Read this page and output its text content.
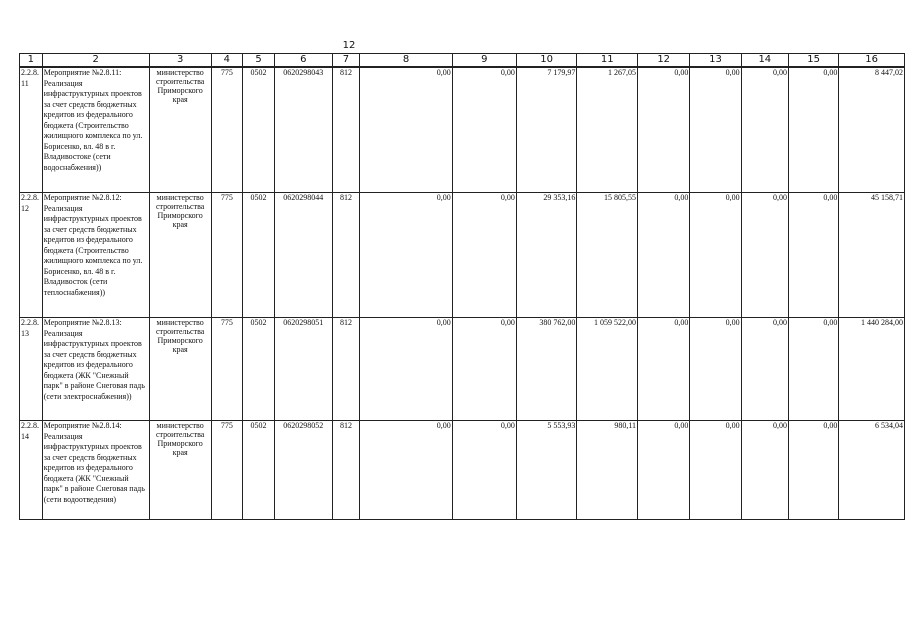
12
1	2	3	4	5	6	7	8	9	10	11	12	13	14	15	16
2.2.8.11	Мероприятие №2.8.11: Реализация инфраструктурных проектов за счет средств бюджетных кредитов из федерального бюджета (Строительство жилищного комплекса по ул. Борисенко, вл. 48 в г. Владивостоке (сети водоснабжения))	министерство строительства Приморского края	775	0502	0620298043	812	0,00	0,00	7 179,97	1 267,05	0,00	0,00	0,00	0,00	8 447,02
2.2.8.12	Мероприятие №2.8.12: Реализация инфраструктурных проектов за счет средств бюджетных кредитов из федерального бюджета (Строительство жилищного комплекса по ул. Борисенко, вл. 48 в г. Владивосток (сети теплоснабжения))	министерство строительства Приморского края	775	0502	0620298044	812	0,00	0,00	29 353,16	15 805,55	0,00	0,00	0,00	0,00	45 158,71
2.2.8.13	Мероприятие №2.8.13: Реализация инфраструктурных проектов за счет средств бюджетных кредитов из федерального бюджета (ЖК "Снежный парк" в районе Снеговая падь (сети электроснабжения))	министерство строительства Приморского края	775	0502	0620298051	812	0,00	0,00	380 762,00	1 059 522,00	0,00	0,00	0,00	0,00	1 440 284,00
2.2.8.14	Мероприятие №2.8.14: Реализация инфраструктурных проектов за счет средств бюджетных кредитов из федерального бюджета (ЖК "Снежный парк" в районе Снеговая падь (сети водоотведения)	министерство строительства Приморского края	775	0502	0620298052	812	0,00	0,00	5 553,93	980,11	0,00	0,00	0,00	0,00	6 534,04
